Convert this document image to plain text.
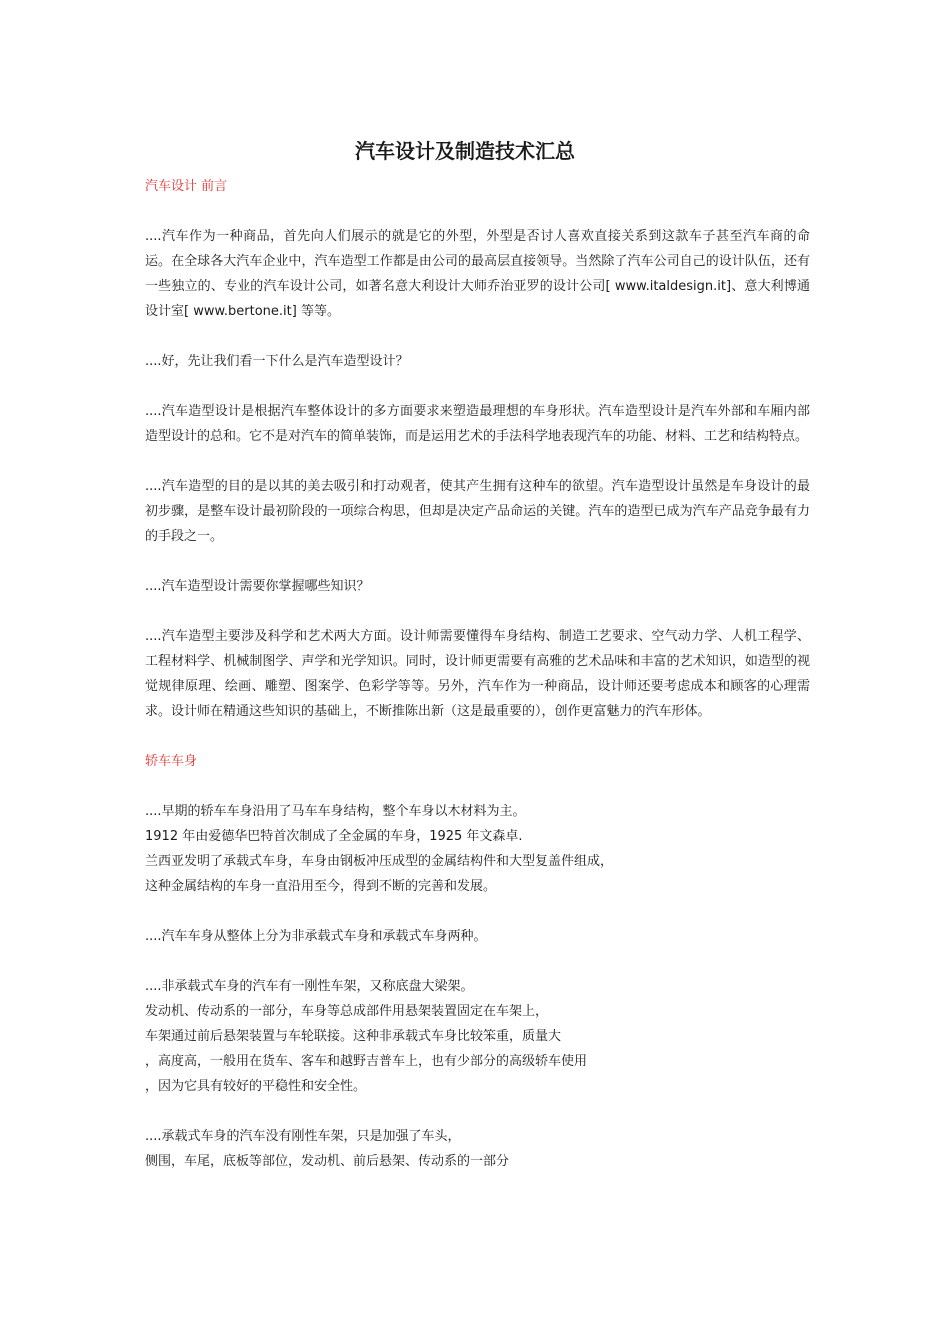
汽车设计及制造技术汇总
汽车设计 前言

....汽车作为一种商品，首先向人们展示的就是它的外型，外型是否讨人喜欢直接关系到这款车子甚至汽车商的命运。在全球各大汽车企业中，汽车造型工作都是由公司的最高层直接领导。当然除了汽车公司自己的设计队伍，还有一些独立的、专业的汽车设计公司，如著名意大利设计大师乔治亚罗的设计公司[ www.italdesign.it]、意大利博通设计室[ www.bertone.it] 等等。

....好，先让我们看一下什么是汽车造型设计？

....汽车造型设计是根据汽车整体设计的多方面要求来塑造最理想的车身形状。汽车造型设计是汽车外部和车厢内部造型设计的总和。它不是对汽车的简单装饰，而是运用艺术的手法科学地表现汽车的功能、材料、工艺和结构特点。

....汽车造型的目的是以其的美去吸引和打动观者，使其产生拥有这种车的欲望。汽车造型设计虽然是车身设计的最初步骤，是整车设计最初阶段的一项综合构思，但却是决定产品命运的关键。汽车的造型已成为汽车产品竞争最有力的手段之一。

....汽车造型设计需要你掌握哪些知识？

....汽车造型主要涉及科学和艺术两大方面。设计师需要懂得车身结构、制造工艺要求、空气动力学、人机工程学、工程材料学、机械制图学、声学和光学知识。同时，设计师更需要有高雅的艺术品味和丰富的艺术知识，如造型的视觉规律原理、绘画、雕塑、图案学、色彩学等等。另外，汽车作为一种商品，设计师还要考虑成本和顾客的心理需求。设计师在精通这些知识的基础上，不断推陈出新（这是最重要的），创作更富魅力的汽车形体。

轿车车身
....早期的轿车车身沿用了马车车身结构，整个车身以木材料为主。
1912 年由爱德华巴特首次制成了全金属的车身，1925 年文森卓.
兰西亚发明了承载式车身，车身由钢板冲压成型的金属结构件和大型复盖件组成，
这种金属结构的车身一直沿用至今，得到不断的完善和发展。
....汽车车身从整体上分为非承载式车身和承载式车身两种。
....非承载式车身的汽车有一刚性车架，又称底盘大梁架。
发动机、传动系的一部分，车身等总成部件用悬架装置固定在车架上，
车架通过前后悬架装置与车轮联接。这种非承载式车身比较笨重，质量大
，高度高，一般用在货车、客车和越野吉普车上，也有少部分的高级轿车使用
，因为它具有较好的平稳性和安全性。
....承载式车身的汽车没有刚性车架，只是加强了车头，
侧围，车尾，底板等部位，发动机、前后悬架、传动系的一部分
